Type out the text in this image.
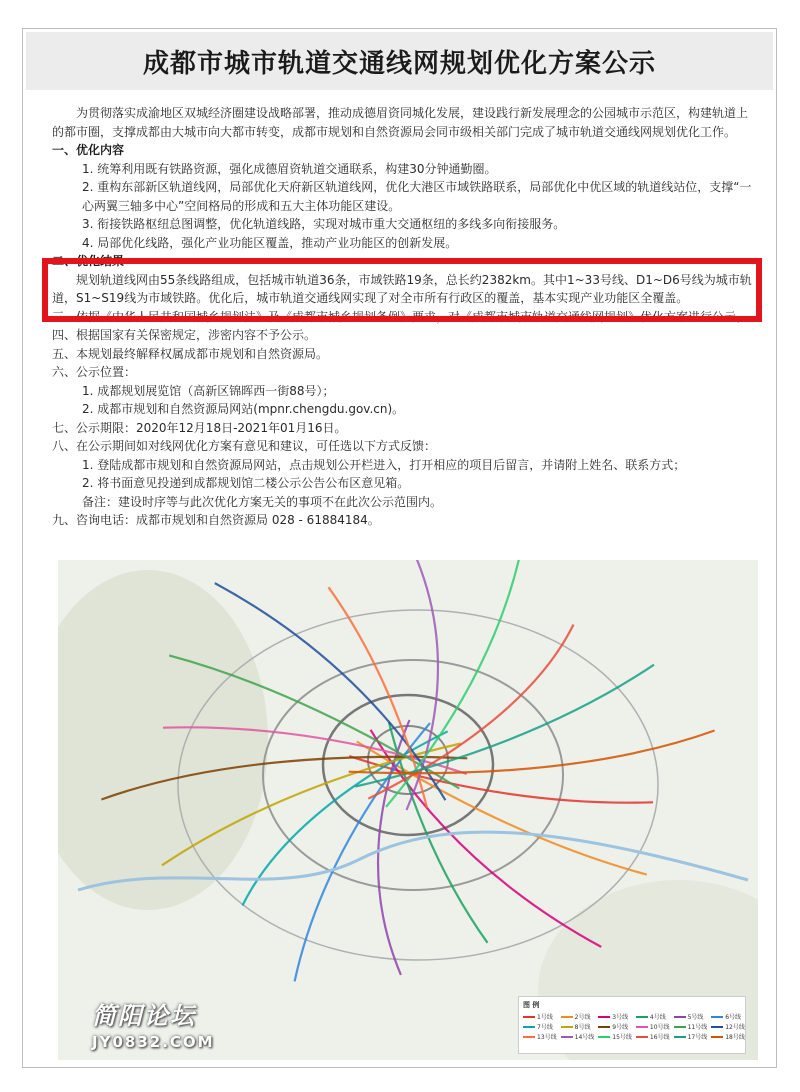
成都市城市轨道交通线网规划优化方案公示

为贯彻落实成渝地区双城经济圈建设战略部署，推动成德眉资同城化发展，建设践行新发展理念的公园城市示范区，构建轨道上的都市圈，支撑成都由大城市向大都市转变，成都市规划和自然资源局会同市级相关部门完成了城市轨道交通线网规划优化工作。

一、优化内容

1. 统筹利用既有铁路资源，强化成德眉资轨道交通联系，构建30分钟通勤圈。

2. 重构东部新区轨道线网，局部优化天府新区轨道线网，优化大港区市域铁路联系，局部优化中优区域的轨道线站位，支撑“一心两翼三轴多中心”空间格局的形成和五大主体功能区建设。

3. 衔接铁路枢纽总图调整，优化轨道线路，实现对城市重大交通枢纽的多线多向衔接服务。

4. 局部优化线路，强化产业功能区覆盖，推动产业功能区的创新发展。

二、优化结果

规划轨道线网由55条线路组成，包括城市轨道36条，市域铁路19条，总长约2382km。其中1~33号线、D1~D6号线为城市轨道，S1~S19线为市域铁路。优化后，城市轨道交通线网实现了对全市所有行政区的覆盖，基本实现产业功能区全覆盖。

三、依据《中华人民共和国城乡规划法》及《成都市城乡规划条例》要求，对《成都市城市轨道交通线网规划》优化方案进行公示。

四、根据国家有关保密规定，涉密内容不予公示。

五、本规划最终解释权属成都市规划和自然资源局。

六、公示位置：

1. 成都规划展览馆（高新区锦晖西一街88号）；

2. 成都市规划和自然资源局网站(mpnr.chengdu.gov.cn)。

七、公示期限：2020年12月18日-2021年01月16日。

八、在公示期间如对线网优化方案有意见和建议，可任选以下方式反馈：

1. 登陆成都市规划和自然资源局网站，点击规划公开栏进入，打开相应的项目后留言，并请附上姓名、联系方式；

2. 将书面意见投递到成都规划馆二楼公示公告公布区意见箱。

备注：建设时序等与此次优化方案无关的事项不在此次公示范围内。

九、咨询电话：成都市规划和自然资源局 028 - 61884184。

简阳论坛
JY0832.COM
图 例
1号线	2号线	3号线	4号线	5号线	6号线
7号线	8号线	9号线	10号线	11号线	12号线
13号线	14号线	15号线	16号线	17号线	18号线
